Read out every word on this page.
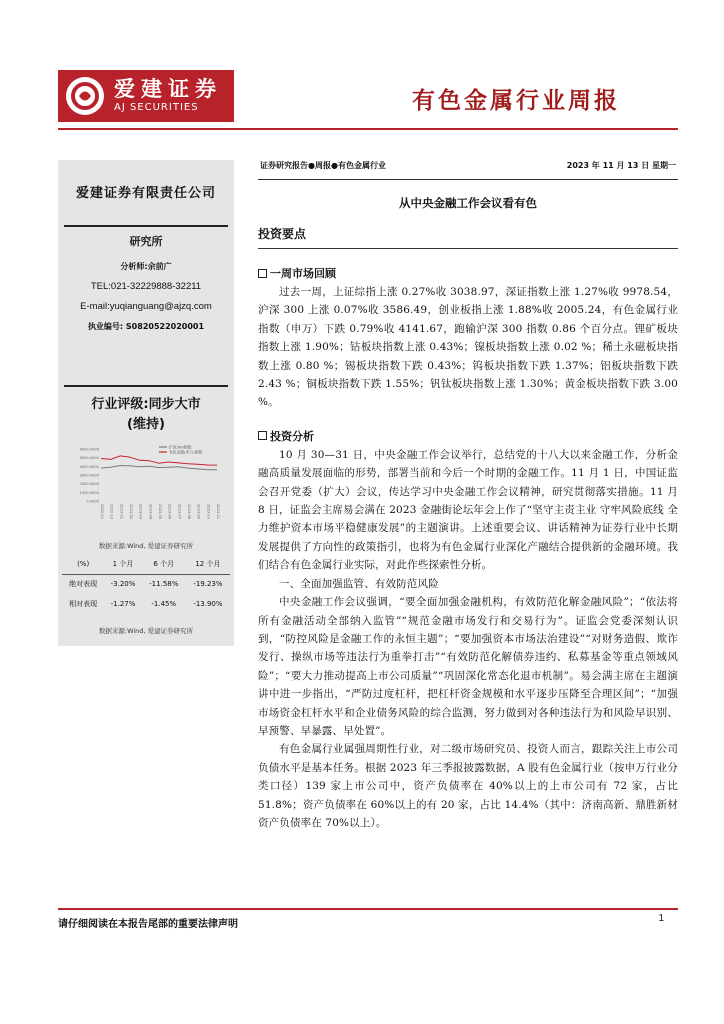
爱建证券
AJ SECURITIES	有色金属行业周报
爱建证券有限责任公司
研究所
分析师:余前广
TEL:021-32229888-32211
E-mail:yuqianguang@ajzq.com
执业编号: S0820522020001
行业评级:同步大市
(维持)
6000.0000
5000.0000
4000.0000
3000.0000
2000.0000
1000.0000
0.0000
2022-11 2022-12 2023-01 2023-02 2023-03 2023-04 2023-05 2023-06 2023-07 2023-08 2023-09 2023-10 2023-11
沪深300指数
有色金属(申万)指数
数据来源:Wind, 爱建证券研究所
(%)	1 个月	6 个月	12 个月
绝对表现	-3.20%	-11.58%	-19.23%
相对表现	-1.27%	-1.45%	-13.90%
数据来源:Wind, 爱建证券研究所
证券研究报告●周报●有色金属行业	2023 年 11 月 13 日 星期一
从中央金融工作会议看有色
投资要点
一周市场回顾

过去一周，上证综指上涨 0.27%收 3038.97，深证指数上涨 1.27%收 9978.54，沪深 300 上涨 0.07%收 3586.49，创业板指上涨 1.88%收 2005.24，有色金属行业指数（申万）下跌 0.79%收 4141.67，跑输沪深 300 指数 0.86 个百分点。锂矿板块指数上涨 1.90%；钴板块指数上涨 0.43%；镍板块指数上涨 0.02 %；稀土永磁板块指数上涨 0.80 %；锡板块指数下跌 0.43%；钨板块指数下跌 1.37%；铝板块指数下跌 2.43 %；铜板块指数下跌 1.55%；钒钛板块指数上涨 1.30%；黄金板块指数下跌 3.00 %。

投资分析

10 月 30—31 日，中央金融工作会议举行，总结党的十八大以来金融工作，分析金融高质量发展面临的形势，部署当前和今后一个时期的金融工作。11 月 1 日，中国证监会召开党委（扩大）会议，传达学习中央金融工作会议精神，研究贯彻落实措施。11 月 8 日，证监会主席易会满在 2023 金融街论坛年会上作了“坚守主责主业 守牢风险底线 全力维护资本市场平稳健康发展”的主题演讲。上述重要会议、讲话精神为证券行业中长期发展提供了方向性的政策指引，也将为有色金属行业深化产融结合提供新的金融环境。我们结合有色金属行业实际，对此作些探索性分析。

一、全面加强监管、有效防范风险

中央金融工作会议强调，“要全面加强金融机构，有效防范化解金融风险”；“依法将所有金融活动全部纳入监管”“规范金融市场发行和交易行为”。证监会党委深刻认识到，“防控风险是金融工作的永恒主题”；“要加强资本市场法治建设”“对财务造假、欺诈发行、操纵市场等违法行为重拳打击”“有效防范化解债券违约、私募基金等重点领域风险”；“要大力推动提高上市公司质量”“巩固深化常态化退市机制”。易会满主席在主题演讲中进一步指出，“严防过度杠杆，把杠杆资金规模和水平逐步压降至合理区间”；“加强市场资金杠杆水平和企业债务风险的综合监测，努力做到对各种违法行为和风险早识别、早预警、早暴露、早处置”。

有色金属行业属强周期性行业，对二级市场研究员、投资人而言，跟踪关注上市公司负债水平是基本任务。根据 2023 年三季报披露数据，A 股有色金属行业（按申万行业分类口径）139 家上市公司中，资产负债率在 40%以上的上市公司有 72 家，占比 51.8%；资产负债率在 60%以上的有 20 家，占比 14.4%（其中：济南高新、鼎胜新材资产负债率在 70%以上）。

请仔细阅读在本报告尾部的重要法律声明
1
